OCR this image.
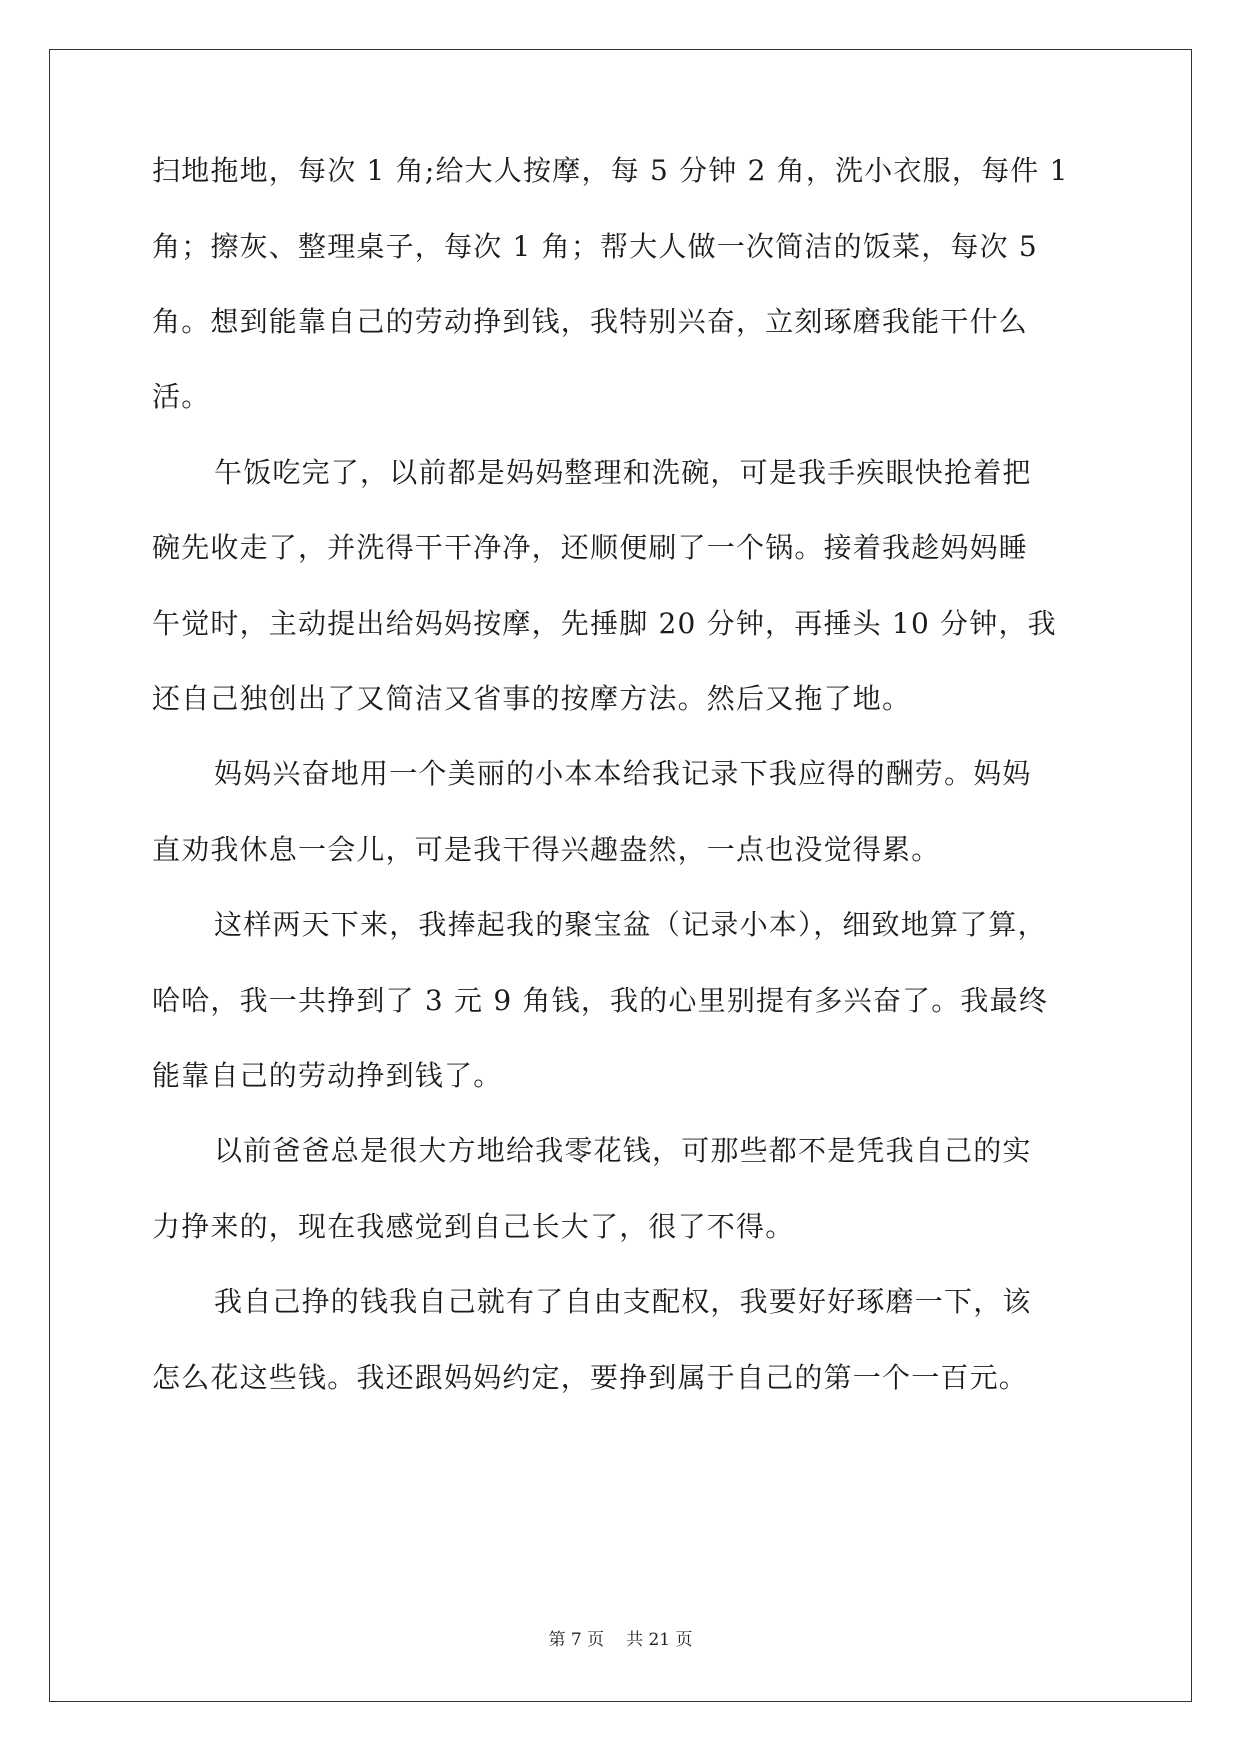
扫地拖地，每次 1 角;给大人按摩，每 5 分钟 2 角，洗小衣服，每件 1
角；擦灰、整理桌子，每次 1 角；帮大人做一次简洁的饭菜，每次 5
角。想到能靠自己的劳动挣到钱，我特别兴奋，立刻琢磨我能干什么
活。
午饭吃完了，以前都是妈妈整理和洗碗，可是我手疾眼快抢着把
碗先收走了，并洗得干干净净，还顺便刷了一个锅。接着我趁妈妈睡
午觉时，主动提出给妈妈按摩，先捶脚 20 分钟，再捶头 10 分钟，我
还自己独创出了又简洁又省事的按摩方法。然后又拖了地。
妈妈兴奋地用一个美丽的小本本给我记录下我应得的酬劳。妈妈
直劝我休息一会儿，可是我干得兴趣盎然，一点也没觉得累。
这样两天下来，我捧起我的聚宝盆（记录小本），细致地算了算，
哈哈，我一共挣到了 3 元 9 角钱，我的心里别提有多兴奋了。我最终
能靠自己的劳动挣到钱了。
以前爸爸总是很大方地给我零花钱，可那些都不是凭我自己的实
力挣来的，现在我感觉到自己长大了，很了不得。
我自己挣的钱我自己就有了自由支配权，我要好好琢磨一下，该
怎么花这些钱。我还跟妈妈约定，要挣到属于自己的第一个一百元。
第 7 页 共 21 页
